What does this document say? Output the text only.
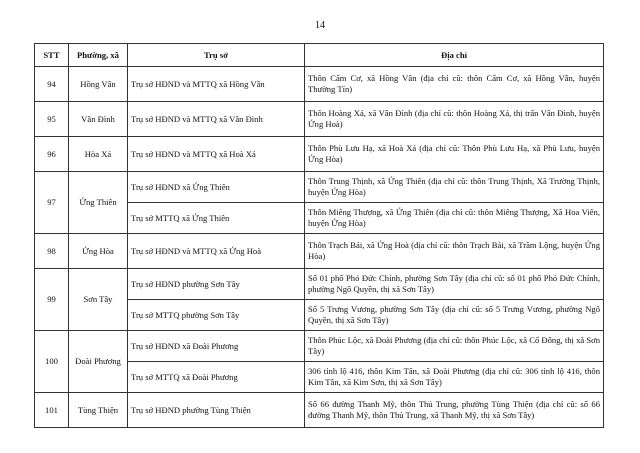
14
STT	Phường, xã	Trụ sở	Địa chỉ
94	Hồng Vân	Trụ sở HĐND và MTTQ xã Hồng Vân	Thôn Cẩm Cơ, xã Hồng Vân (địa chỉ cũ: thôn Cẩm Cơ, xã Hồng Vân, huyện Thường Tín)
95	Vân Đình	Trụ sở HĐND và MTTQ xã Vân Đình	Thôn Hoàng Xá, xã Vân Đình (địa chỉ cũ: thôn Hoàng Xá, thị trấn Vân Đình, huyện Ứng Hoà)
96	Hòa Xá	Trụ sở HĐND và MTTQ xã Hoà Xá	Thôn Phù Lưu Hạ, xã Hoà Xá (địa chỉ cũ: Thôn Phù Lưu Hạ, xã Phù Lưu, huyện Ứng Hòa)
97	Ứng Thiên	Trụ sở HĐND xã Ứng Thiên	Thôn Trung Thịnh, xã Ứng Thiên (địa chỉ cũ: thôn Trung Thịnh, Xã Trường Thịnh, huyện Ứng Hòa)
		Trụ sở MTTQ xã Ứng Thiên	Thôn Miêng Thượng, xã Ứng Thiên (địa chỉ cũ: thôn Miêng Thượng, Xã Hoa Viên, huyện Ứng Hòa)
98	Ứng Hòa	Trụ sở HĐND và MTTQ xã Ứng Hoà	Thôn Trạch Bái, xã Ứng Hoà (địa chỉ cũ: thôn Trạch Bái, xã Trầm Lộng, huyện Ứng Hòa)
99	Sơn Tây	Trụ sở HĐND phường Sơn Tây	Số 01 phố Phó Đức Chính, phường Sơn Tây (địa chỉ cũ: số 01 phố Phó Đức Chính, phường Ngô Quyền, thị xã Sơn Tây)
		Trụ sở MTTQ phường Sơn Tây	Số 5 Trưng Vương, phường Sơn Tây (địa chỉ cũ: số 5 Trưng Vương, phường Ngô Quyền, thị xã Sơn Tây)
100	Đoài Phương	Trụ sở HĐND xã Đoài Phương	Thôn Phúc Lộc, xã Đoài Phương (địa chỉ cũ: thôn Phúc Lộc, xã Cổ Đông, thị xã Sơn Tây)
		Trụ sở MTTQ xã Đoài Phương	306 tỉnh lộ 416, thôn Kim Tân, xã Đoài Phương (địa chỉ cũ: 306 tỉnh lộ 416, thôn Kim Tân, xã Kim Sơn, thị xã Sơn Tây)
101	Tùng Thiện	Trụ sở HĐND phường Tùng Thiện	Số 66 đường Thanh Mỹ, thôn Thủ Trung, phường Tùng Thiện (địa chỉ cũ: số 66 đường Thanh Mỹ, thôn Thủ Trung, xã Thanh Mỹ, thị xã Sơn Tây)
